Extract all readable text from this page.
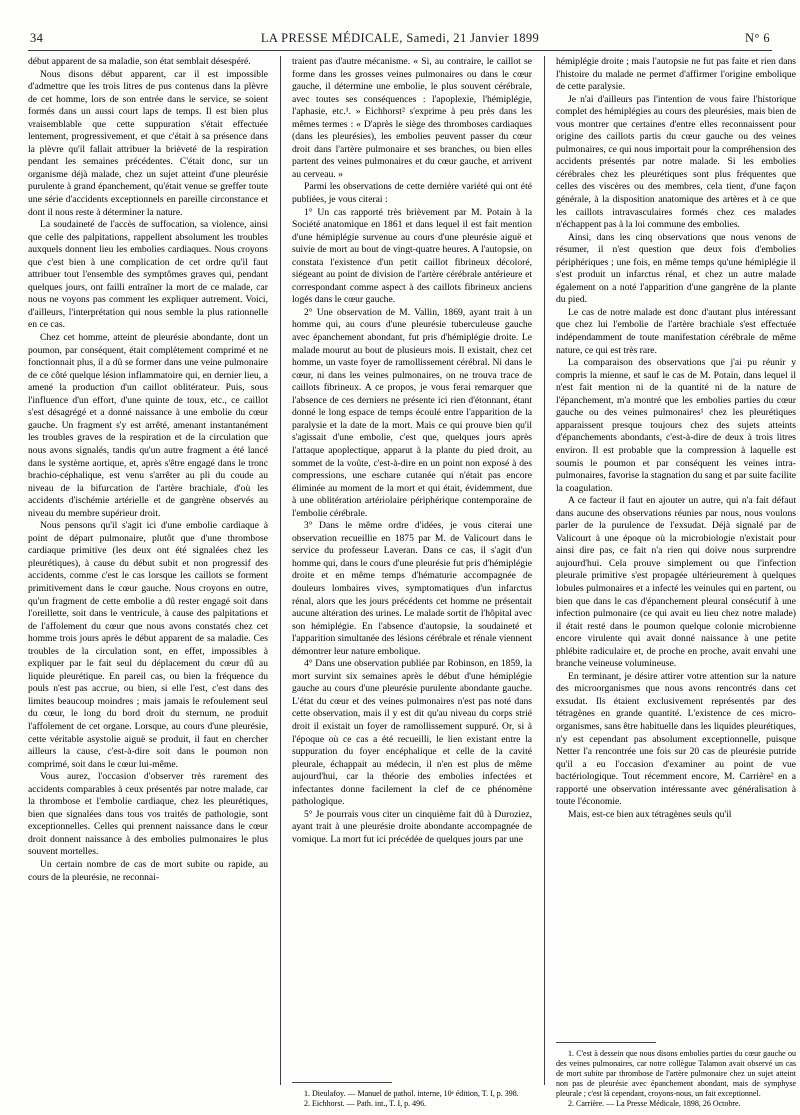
34	LA PRESSE MÉDICALE, Samedi, 21 Janvier 1899	N° 6

début apparent de sa maladie, son état semblait désespéré.

Nous disons début apparent, car il est impossible d'admettre que les trois litres de pus contenus dans la plèvre de cet homme, lors de son entrée dans le service, se soient formés dans un aussi court laps de temps. Il est bien plus vraisemblable que cette suppuration s'était effectuée lentement, progressivement, et que c'était à sa présence dans la plèvre qu'il fallait attribuer la brièveté de la respiration pendant les semaines précédentes. C'était donc, sur un organisme déjà malade, chez un sujet atteint d'une pleurésie purulente à grand épanchement, qu'était venue se greffer toute une série d'accidents exceptionnels en pareille circonstance et dont il nous reste à déterminer la nature.

La soudaineté de l'accès de suffocation, sa violence, ainsi que celle des palpitations, rappellent absolument les troubles auxquels donnent lieu les embolies cardiaques. Nous croyons que c'est bien à une complication de cet ordre qu'il faut attribuer tout l'ensemble des symptômes graves qui, pendant quelques jours, ont failli entraîner la mort de ce malade, car nous ne voyons pas comment les expliquer autrement. Voici, d'ailleurs, l'interprétation qui nous semble la plus rationnelle en ce cas.

Chez cet homme, atteint de pleurésie abondante, dont un poumon, par conséquent, était complètement comprimé et ne fonctionnait plus, il a dû se former dans une veine pulmonaire de ce côté quelque lésion inflammatoire qui, en dernier lieu, a amené la production d'un caillot oblitérateur. Puis, sous l'influence d'un effort, d'une quinte de toux, etc., ce caillot s'est désagrégé et a donné naissance à une embolie du cœur gauche. Un fragment s'y est arrêté, amenant instantanément les troubles graves de la respiration et de la circulation que nous avons signalés, tandis qu'un autre fragment a été lancé dans le système aortique, et, après s'être engagé dans le tronc brachio-céphalique, est venu s'arrêter au pli du coude au niveau de la bifurcation de l'artère brachiale, d'où les accidents d'ischémie artérielle et de gangrène observés au niveau du membre supérieur droit.

Nous pensons qu'il s'agit ici d'une embolie cardiaque à point de départ pulmonaire, plutôt que d'une thrombose cardiaque primitive (les deux ont été signalées chez les pleurétiques), à cause du début subit et non progressif des accidents, comme c'est le cas lorsque les caillots se forment primitivement dans le cœur gauche. Nous croyons en outre, qu'un fragment de cette embolie a dû rester engagé soit dans l'oreillette, soit dans le ventricule, à cause des palpitations et de l'affolement du cœur que nous avons constatés chez cet homme trois jours après le début apparent de sa maladie. Ces troubles de la circulation sont, en effet, impossibles à expliquer par le fait seul du déplacement du cœur dû au liquide pleurétique. En pareil cas, ou bien la fréquence du pouls n'est pas accrue, ou bien, si elle l'est, c'est dans des limites beaucoup moindres ; mais jamais le refoulement seul du cœur, le long du bord droit du sternum, ne produit l'affolement de cet organe. Lorsque, au cours d'une pleurésie, cette véritable asystolie aiguë se produit, il faut en chercher ailleurs la cause, c'est-à-dire soit dans le poumon non comprimé, soit dans le cœur lui-même.

Vous aurez, l'occasion d'observer très rarement des accidents comparables à ceux présentés par notre malade, car la thrombose et l'embolie cardiaque, chez les pleurétiques, bien que signalées dans tous vos traités de pathologie, sont exceptionnelles. Celles qui prennent naissance dans le cœur droit donnent naissance à des embolies pulmonaires le plus souvent mortelles.

Un certain nombre de cas de mort subite ou rapide, au cours de la pleurésie, ne reconnai-

traient pas d'autre mécanisme. « Si, au contraire, le caillot se forme dans les grosses veines pulmonaires ou dans le cœur gauche, il détermine une embolie, le plus souvent cérébrale, avec toutes ses conséquences : l'apoplexie, l'hémiplégie, l'aphasie, etc.¹. » Eichhorst² s'exprime à peu près dans les mêmes termes : « D'après le siège des thromboses cardiaques (dans les pleurésies), les embolies peuvent passer du cœur droit dans l'artère pulmonaire et ses branches, ou bien elles partent des veines pulmonaires et du cœur gauche, et arrivent au cerveau. »

Parmi les observations de cette dernière variété qui ont été publiées, je vous citerai :

1° Un cas rapporté très brièvement par M. Potain à la Société anatomique en 1861 et dans lequel il est fait mention d'une hémiplégie survenue au cours d'une pleurésie aiguë et suivie de mort au bout de vingt-quatre heures. A l'autopsie, on constata l'existence d'un petit caillot fibrineux décoloré, siégeant au point de division de l'artère cérébrale antérieure et correspondant comme aspect à des caillots fibrineux anciens logés dans le cœur gauche.

2° Une observation de M. Vallin, 1869, ayant trait à un homme qui, au cours d'une pleurésie tuberculeuse gauche avec épanchement abondant, fut pris d'hémiplégie droite. Le malade mourut au bout de plusieurs mois. Il existait, chez cet homme, un vaste foyer de ramollissement cérébral. Ni dans le cœur, ni dans les veines pulmonaires, on ne trouva trace de caillots fibrineux. A ce propos, je vous ferai remarquer que l'absence de ces derniers ne présente ici rien d'étonnant, étant donné le long espace de temps écoulé entre l'apparition de la paralysie et la date de la mort. Mais ce qui prouve bien qu'il s'agissait d'une embolie, c'est que, quelques jours après l'attaque apoplectique, apparut à la plante du pied droit, au sommet de la voûte, c'est-à-dire en un point non exposé à des compressions, une eschare cutanée qui n'était pas encore éliminée au moment de la mort et qui était, évidemment, due à une oblitération artériolaire périphérique contemporaine de l'embolie cérébrale.

3° Dans le même ordre d'idées, je vous citerai une observation recueillie en 1875 par M. de Valicourt dans le service du professeur Laveran. Dans ce cas, il s'agit d'un homme qui, dans le cours d'une pleurésie fut pris d'hémiplégie droite et en même temps d'hématurie accompagnée de douleurs lombaires vives, symptomatiques d'un infarctus rénal, alors que les jours précédents cet homme ne présentait aucune altération des urines. Le malade sortit de l'hôpital avec son hémiplégie. En l'absence d'autopsie, la soudaineté et l'apparition simultanée des lésions cérébrale et rénale viennent démontrer leur nature embolique.

4° Dans une observation publiée par Robinson, en 1859, la mort survint six semaines après le début d'une hémiplégie gauche au cours d'une pleurésie purulente abondante gauche. L'état du cœur et des veines pulmonaires n'est pas noté dans cette observation, mais il y est dit qu'au niveau du corps strié droit il existait un foyer de ramollissement suppuré. Or, si à l'époque où ce cas a été recueilli, le lien existant entre la suppuration du foyer encéphalique et celle de la cavité pleurale, échappait au médecin, il n'en est plus de même aujourd'hui, car la théorie des embolies infectées et infectantes donne facilement la clef de ce phénomène pathologique.

5° Je pourrais vous citer un cinquième fait dû à Duroziez, ayant trait à une pleurésie droite abondante accompagnée de vomique. La mort fut ici précédée de quelques jours par une

1. Dieulafoy. — Manuel de pathol. interne, 10ᵉ édition, T. I, p. 398.

2. Eichhorst. — Path. int., T. I, p. 496.

hémiplégie droite ; mais l'autopsie ne fut pas faite et rien dans l'histoire du malade ne permet d'affirmer l'origine embolique de cette paralysie.

Je n'ai d'ailleurs pas l'intention de vous faire l'historique complet des hémiplégies au cours des pleurésies, mais bien de vous montrer que certaines d'entre elles reconnaissent pour origine des caillots partis du cœur gauche ou des veines pulmonaires, ce qui nous importait pour la compréhension des accidents présentés par notre malade. Si les embolies cérébrales chez les pleurétiques sont plus fréquentes que celles des viscères ou des membres, cela tient, d'une façon générale, à la disposition anatomique des artères et à ce que les caillots intravasculaires formés chez ces malades n'échappent pas à la loi commune des embolies.

Ainsi, dans les cinq observations que nous venons de résumer, il n'est question que deux fois d'embolies périphériques ; une fois, en même temps qu'une hémiplégie il s'est produit un infarctus rénal, et chez un autre malade également on a noté l'apparition d'une gangrène de la plante du pied.

Le cas de notre malade est donc d'autant plus intéressant que chez lui l'embolie de l'artère brachiale s'est effectuée indépendamment de toute manifestation cérébrale de même nature, ce qui est très rare.

La comparaison des observations que j'ai pu réunir y compris la mienne, et sauf le cas de M. Potain, dans lequel il n'est fait mention ni de la quantité ni de la nature de l'épanchement, m'a montré que les embolies parties du cœur gauche ou des veines pulmonaires¹ chez les pleurétiques apparaissent presque toujours chez des sujets atteints d'épanchements abondants, c'est-à-dire de deux à trois litres environ. Il est probable que la compression à laquelle est soumis le poumon et par conséquent les veines intra-pulmonaires, favorise la stagnation du sang et par suite facilite la coagulation.

A ce facteur il faut en ajouter un autre, qui n'a fait défaut dans aucune des observations réunies par nous, nous voulons parler de la purulence de l'exsudat. Déjà signalé par de Valicourt à une époque où la microbiologie n'existait pour ainsi dire pas, ce fait n'a rien qui doive nous surprendre aujourd'hui. Cela prouve simplement ou que l'infection pleurale primitive s'est propagée ultérieurement à quelques lobules pulmonaires et a infecté les veinules qui en partent, ou bien que dans le cas d'épanchement pleural consécutif à une infection pulmonaire (ce qui avait eu lieu chez notre malade) il était resté dans le poumon quelque colonie microbienne encore virulente qui avait donné naissance à une petite phlébite radiculaire et, de proche en proche, avait envahi une branche veineuse volumineuse.

En terminant, je désire attirer votre attention sur la nature des microorganismes que nous avons rencontrés dans cet exsudat. Ils étaient exclusivement représentés par des tétragènes en grande quantité. L'existence de ces micro-organismes, sans être habituelle dans les liquides pleurétiques, n'y est cependant pas absolument exceptionnelle, puisque Netter l'a rencontrée une fois sur 20 cas de pleurésie putride qu'il a eu l'occasion d'examiner au point de vue bactériologique. Tout récemment encore, M. Carrière² en a rapporté une observation intéressante avec généralisation à toute l'économie.

Mais, est-ce bien aux tétragènes seuls qu'il

1. C'est à dessein que nous disons embolies parties du cœur gauche ou des veines pulmonaires, car notre collègue Talamon avait observé un cas de mort subite par thrombose de l'artère pulmonaire chez un sujet atteint non pas de pleurésie avec épanchement abondant, mais de symphyse pleurale ; c'est là cependant, croyons-nous, un fait exceptionnel.

2. Carrière. — La Presse Médicale, 1898, 26 Octobre.
